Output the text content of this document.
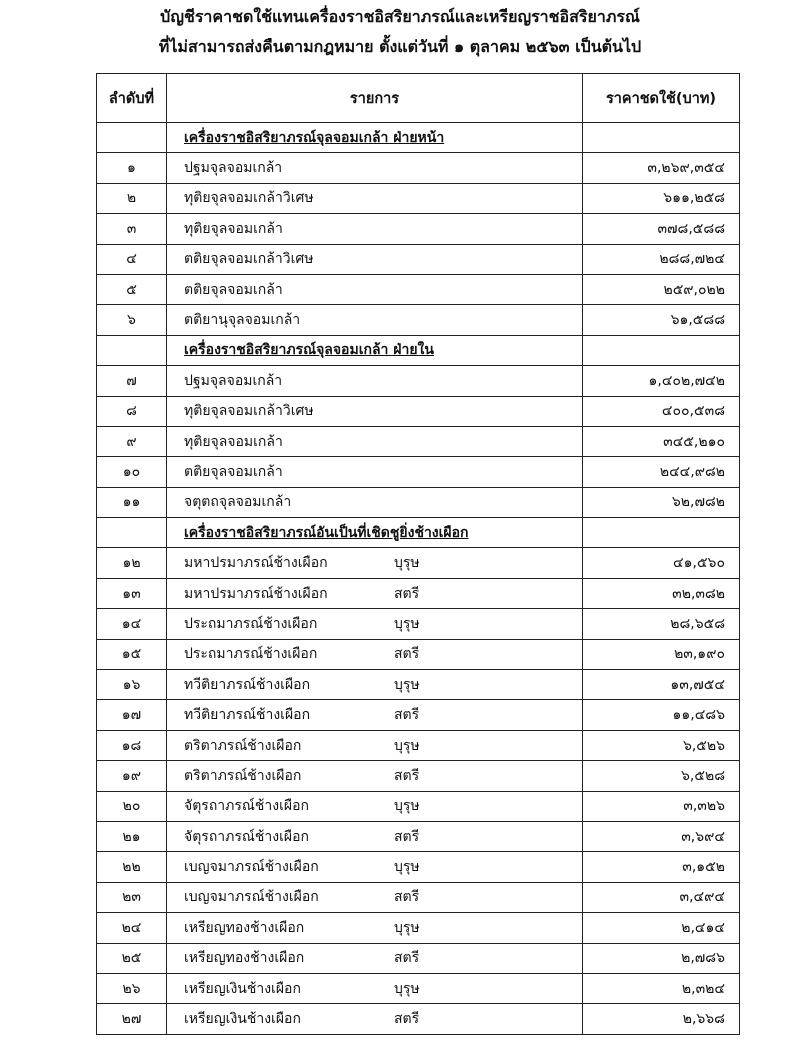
บัญชีราคาชดใช้แทนเครื่องราชอิสริยาภรณ์และเหรียญราชอิสริยาภรณ์
ที่ไม่สามารถส่งคืนตามกฎหมาย ตั้งแต่วันที่ ๑ ตุลาคม ๒๕๖๓ เป็นต้นไป
ลำดับที่	รายการ	ราคาชดใช้(บาท)
	เครื่องราชอิสริยาภรณ์จุลจอมเกล้า ฝ่ายหน้า	
๑	ปฐมจุลจอมเกล้า	๓,๒๖๙,๓๕๔
๒	ทุติยจุลจอมเกล้าวิเศษ	๖๑๑,๒๕๘
๓	ทุติยจุลจอมเกล้า	๓๗๘,๕๘๘
๔	ตติยจุลจอมเกล้าวิเศษ	๒๘๘,๗๒๔
๕	ตติยจุลจอมเกล้า	๒๕๙,๐๒๒
๖	ตติยานุจุลจอมเกล้า	๖๑,๕๘๘
	เครื่องราชอิสริยาภรณ์จุลจอมเกล้า ฝ่ายใน	
๗	ปฐมจุลจอมเกล้า	๑,๔๐๒,๗๔๒
๘	ทุติยจุลจอมเกล้าวิเศษ	๔๐๐,๕๓๘
๙	ทุติยจุลจอมเกล้า	๓๔๕,๒๑๐
๑๐	ตติยจุลจอมเกล้า	๒๔๔,๙๘๒
๑๑	จตุตถจุลจอมเกล้า	๖๒,๗๘๒
	เครื่องราชอิสริยาภรณ์อันเป็นที่เชิดชูยิ่งช้างเผือก	
๑๒	มหาปรมาภรณ์ช้างเผือก บุรุษ	๔๑,๕๖๐
๑๓	มหาปรมาภรณ์ช้างเผือก สตรี	๓๒,๓๘๒
๑๔	ประถมาภรณ์ช้างเผือก บุรุษ	๒๘,๖๕๘
๑๕	ประถมาภรณ์ช้างเผือก สตรี	๒๓,๑๙๐
๑๖	ทวีติยาภรณ์ช้างเผือก บุรุษ	๑๓,๗๕๔
๑๗	ทวีติยาภรณ์ช้างเผือก สตรี	๑๑,๔๘๖
๑๘	ตริตาภรณ์ช้างเผือก บุรุษ	๖,๕๒๖
๑๙	ตริตาภรณ์ช้างเผือก สตรี	๖,๕๒๘
๒๐	จัตุรถาภรณ์ช้างเผือก บุรุษ	๓,๓๒๖
๒๑	จัตุรถาภรณ์ช้างเผือก สตรี	๓,๖๙๔
๒๒	เบญจมาภรณ์ช้างเผือก บุรุษ	๓,๑๕๒
๒๓	เบญจมาภรณ์ช้างเผือก สตรี	๓,๔๙๔
๒๔	เหรียญทองช้างเผือก บุรุษ	๒,๔๑๔
๒๕	เหรียญทองช้างเผือก สตรี	๒,๗๘๖
๒๖	เหรียญเงินช้างเผือก บุรุษ	๒,๓๒๔
๒๗	เหรียญเงินช้างเผือก สตรี	๒,๖๖๘
